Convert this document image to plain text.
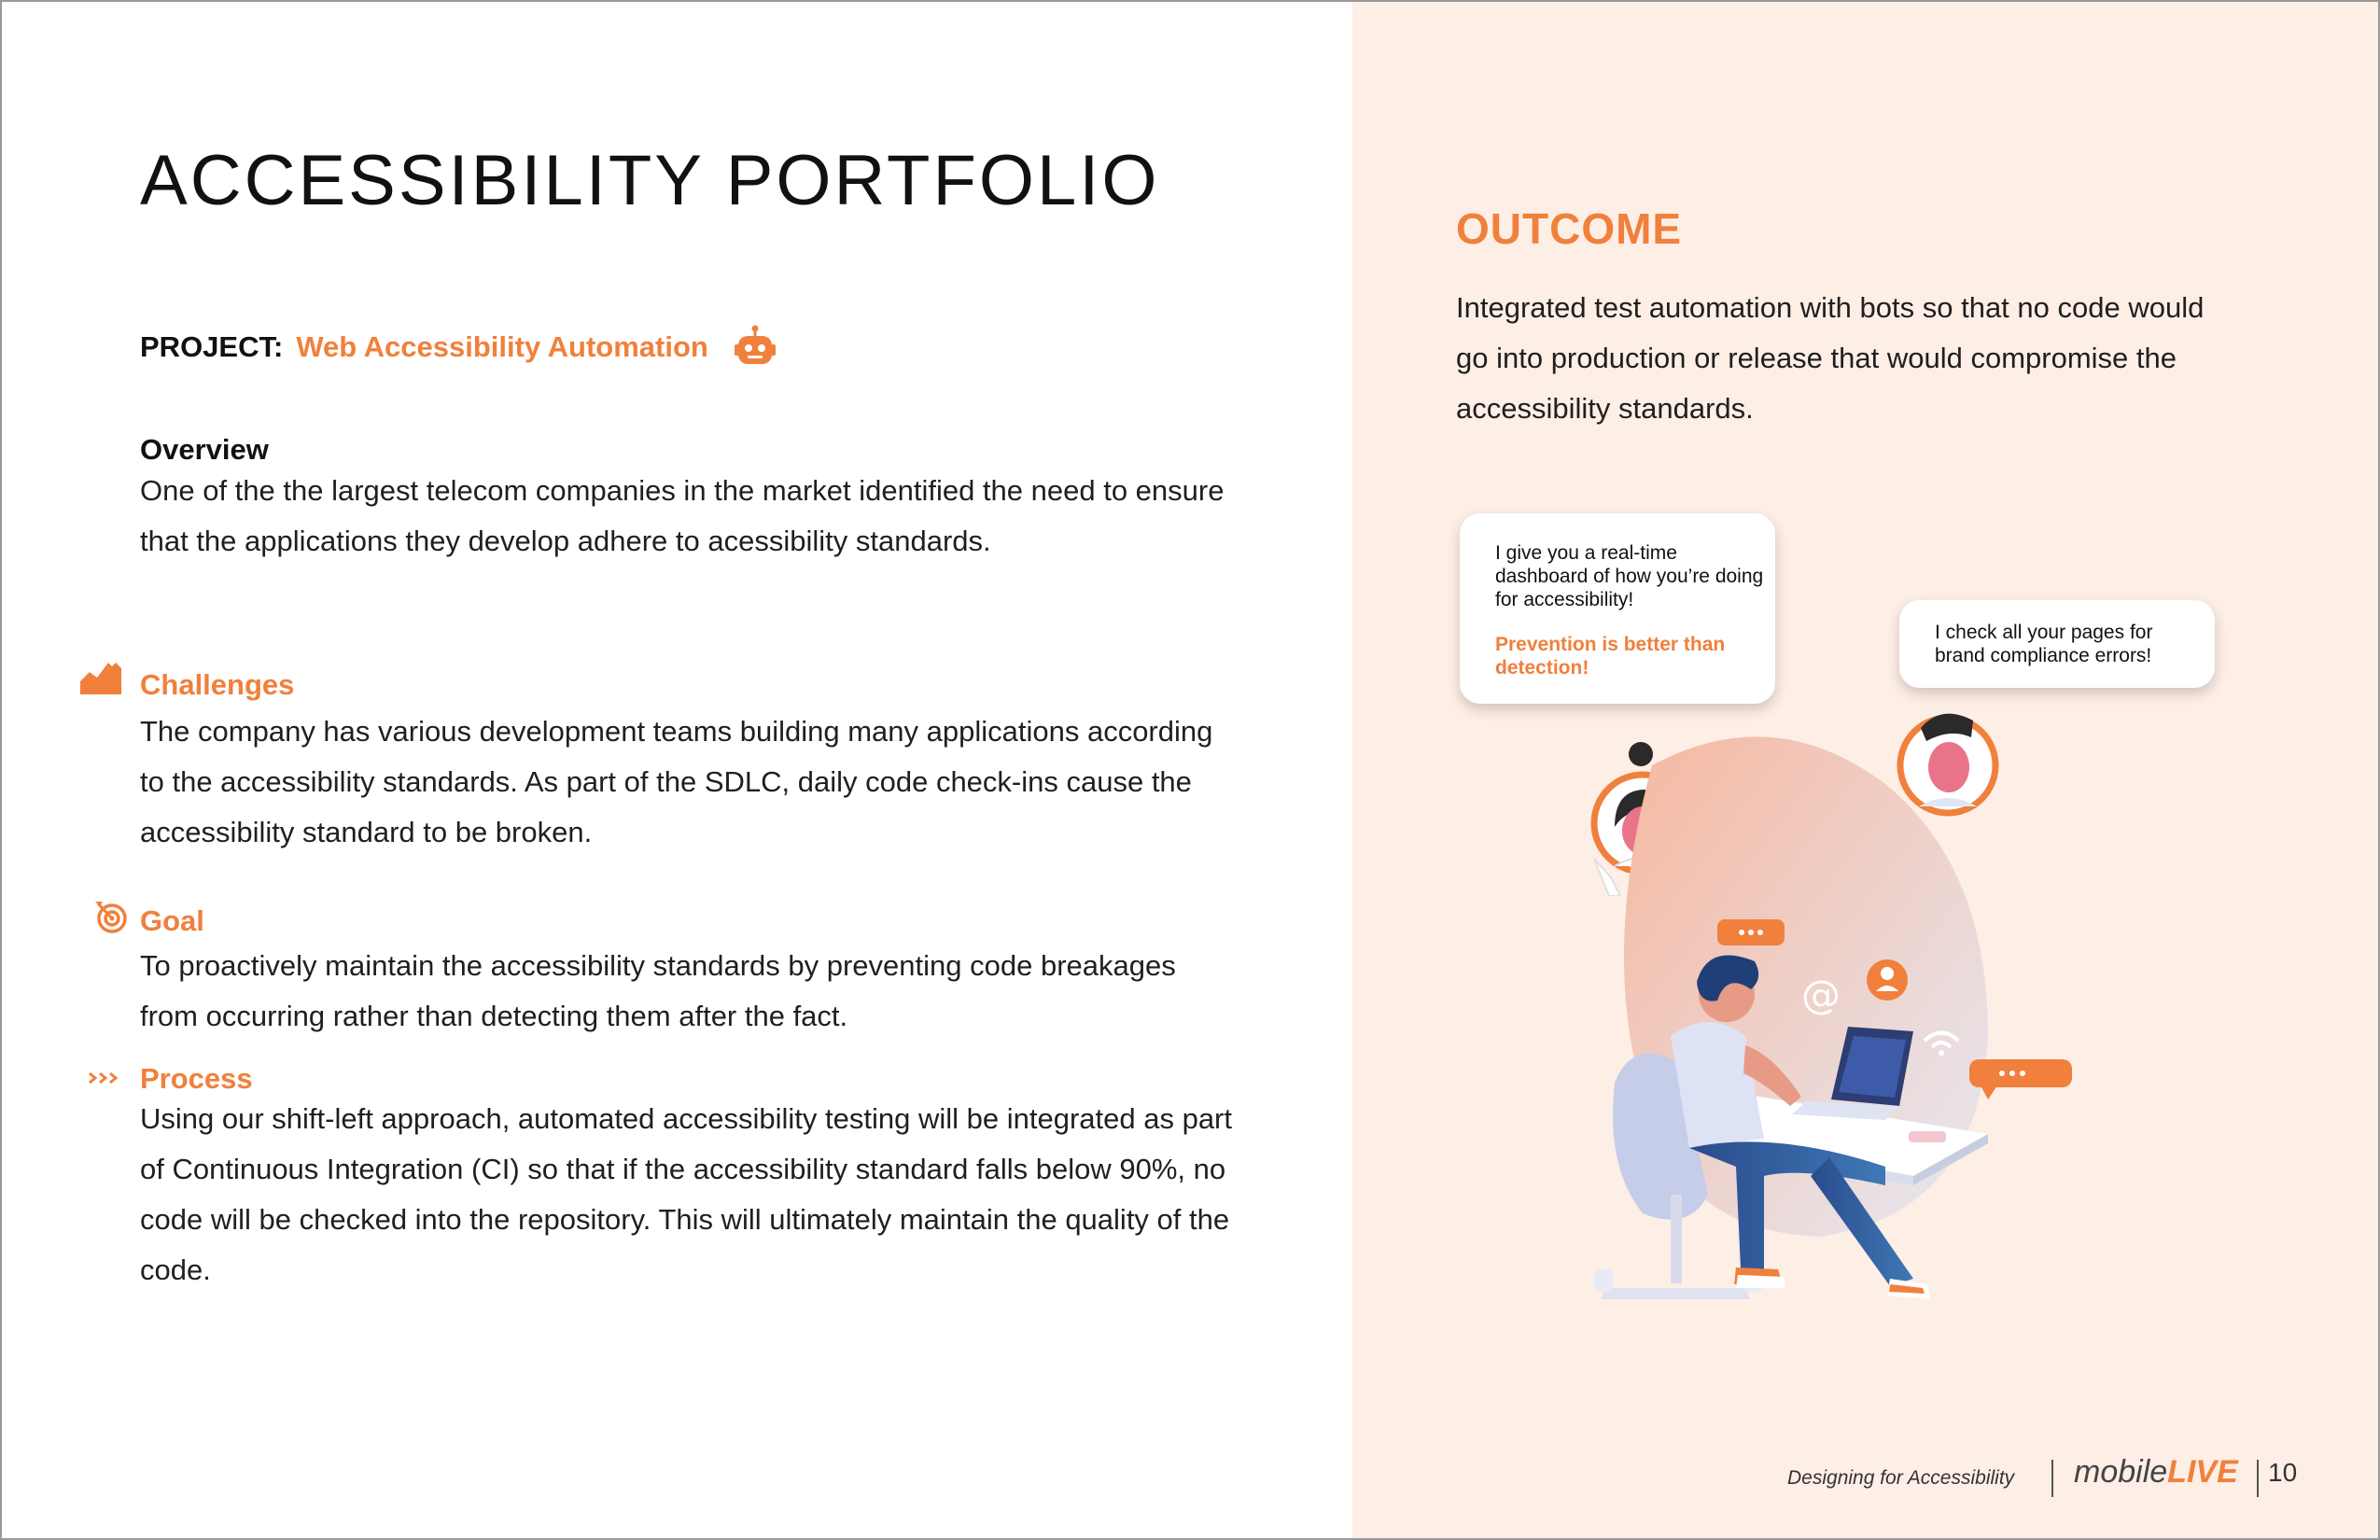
ACCESSIBILITY PORTFOLIO
PROJECT: Web Accessibility Automation
Overview

One of the the largest telecom companies in the market identified the need to ensure that the applications they develop adhere to acessibility standards.

Challenges

The company has various development teams building many applications according to the accessibility standards. As part of the SDLC, daily code check-ins cause the accessibility standard to be broken.

Goal

To proactively maintain the accessibility standards by preventing code breakages from occurring rather than detecting them after the fact.

Process

Using our shift-left approach, automated accessibility testing will be integrated as part of Continuous Integration (CI) so that if the accessibility standard falls below 90%, no code will be checked into the repository. This will ultimately maintain the quality of the code.

OUTCOME

Integrated test automation with bots so that no code would go into production or release that would compromise the accessibility standards.

I give you a real-time dashboard of how you’re doing for accessibility!
Prevention is better than detection!
I check all your pages for brand compliance errors!
@
Designing for Accessibility mobileLIVE 10
